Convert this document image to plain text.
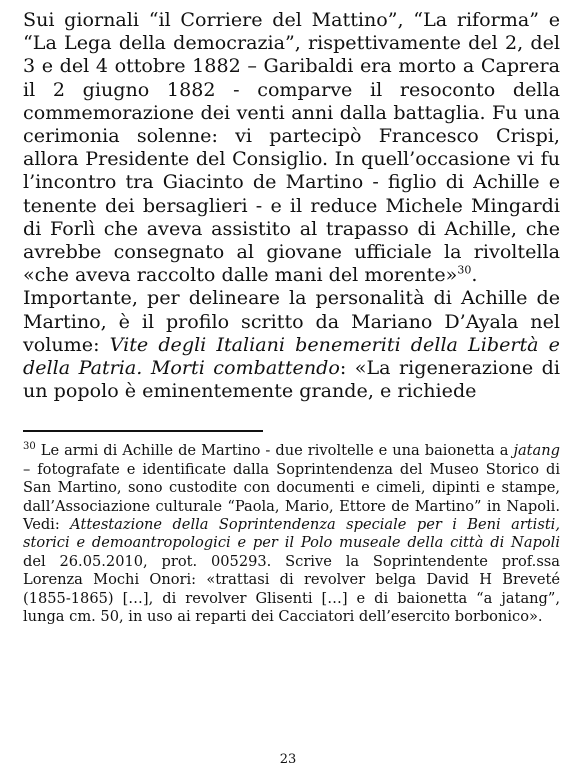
Sui giornali “il Corriere del Mattino”, “La riforma” e “La Lega della democrazia”, rispettivamente del 2, del 3 e del 4 ottobre 1882 – Garibaldi era morto a Caprera il 2 giugno 1882 - comparve il resoconto della commemorazione dei venti anni dalla battaglia. Fu una cerimonia solenne: vi partecipò Francesco Crispi, allora Presidente del Consiglio. In quell’occasione vi fu l’incontro tra Giacinto de Martino - figlio di Achille e tenente dei bersaglieri - e il reduce Michele Mingardi di Forlì che aveva assistito al trapasso di Achille, che avrebbe consegnato al giovane ufficiale la rivoltella «che aveva raccolto dalle mani del morente»$^{30}$.

Importante, per delineare la personalità di Achille de Martino, è il profilo scritto da Mariano D’Ayala nel volume: Vite degli Italiani benemeriti della Libertà e della Patria. Morti combattendo: «La rigenerazione di un popolo è eminentemente grande, e richiede

$^{30}$ Le armi di Achille de Martino - due rivoltelle e una baionetta a jatang – fotografate e identificate dalla Soprintendenza del Museo Storico di San Martino, sono custodite con documenti e cimeli, dipinti e stampe, dall’Associazione culturale “Paola, Mario, Ettore de Martino” in Napoli. Vedi: Attestazione della Soprintendenza speciale per i Beni artisti, storici e demoantropologici e per il Polo museale della città di Napoli del 26.05.2010, prot. 005293. Scrive la Soprintendente prof.ssa Lorenza Mochi Onori: «trattasi di revolver belga David H Breveté (1855-1865) […], di revolver Glisenti […] e di baionetta “a jatang”, lunga cm. 50, in uso ai reparti dei Cacciatori dell’esercito borbonico».

23
